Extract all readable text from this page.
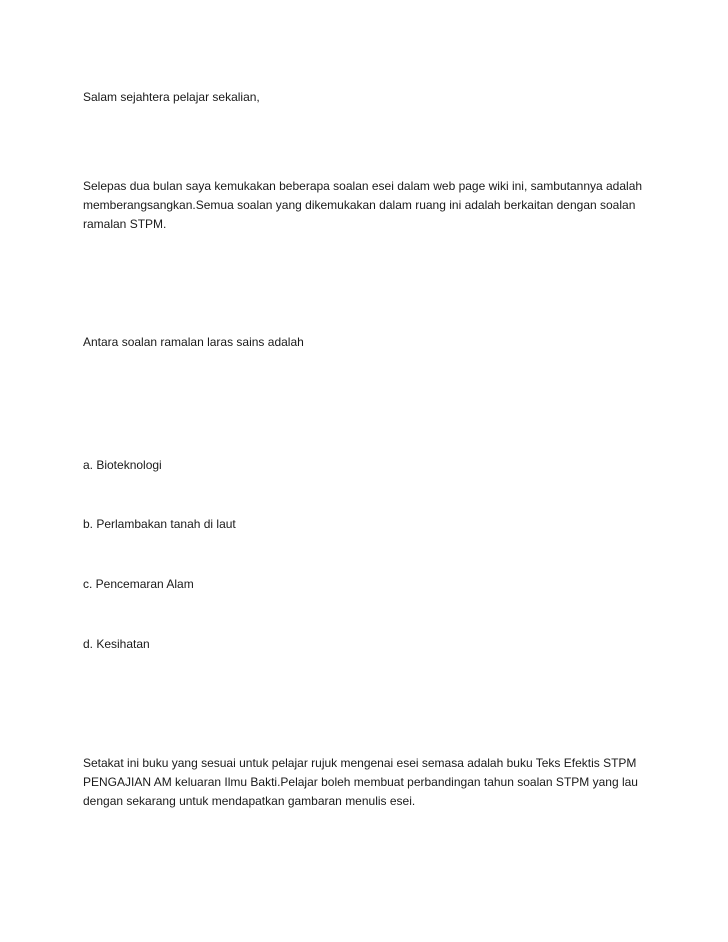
Salam sejahtera pelajar sekalian,

Selepas dua bulan saya kemukakan beberapa soalan esei dalam web page wiki ini, sambutannya adalah
memberangsangkan.Semua soalan yang dikemukakan dalam ruang ini adalah berkaitan dengan soalan
ramalan STPM.

Antara soalan ramalan laras sains adalah

a. Bioteknologi

b. Perlambakan tanah di laut

c. Pencemaran Alam

d. Kesihatan

Setakat ini buku yang sesuai untuk pelajar rujuk mengenai esei semasa adalah buku Teks Efektis STPM
PENGAJIAN AM keluaran Ilmu Bakti.Pelajar boleh membuat perbandingan tahun soalan STPM yang lau
dengan sekarang untuk mendapatkan gambaran menulis esei.
